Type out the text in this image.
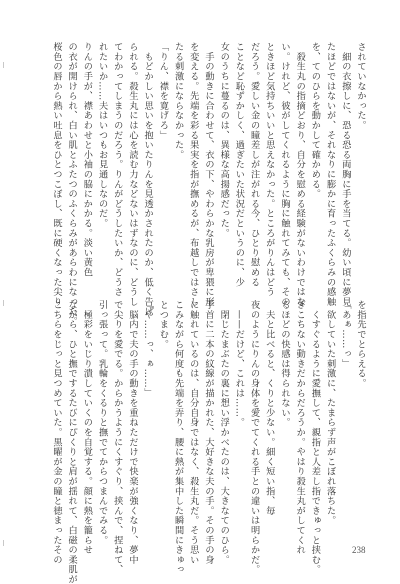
されていなかった。
　細の衣擦しに、恐る恐る両胸に手を当てる。幼い頃に夢見
たほどではないが、それなりに膨かに育ったふくらみの感触
を、てのひらを動かして確かめる。
　殺生丸の指摘どおり、自分を慰める経験がないわけではな
い。けれど、彼がしてくれるように胸に触れてみても、その
ときほど気持ちいいと思えなかった。ところがりんはどう
だろう。愛しい金の瞳差しが注がれる今、ひとり慰める
ことなど恥ずかしく、過ぎたいた状況だというのに、少
女のうちに蔓るのは、異様な高揚感だった。
　手の動きに合わせて、衣の下、やわらかな乳房が卑猥に形
を変える。先端を彩る果実を指が撫めるが、布越しではさし
たる刺激にならなかった。
「りん、襟を寛げろ」
　もどかしい思いを抱いたりんを見透かされたのか、低く告げ
られる。殺生丸には心を読む力などないはずなのに、どうし
てわかってしまうのだろう。りんがどうしたいか、どうさ
れたいか……夫はいつもお見通しなのだ。
りんの手が、襟あわせと小袖の脇にかかる。淡い黄色
の衣が開けられ、白い肌とふたつのふくらみがあらわになった。
桜色の唇から熱い吐息をひとつこぼし、既に硬くなった尖り
を指先でとらえる。
「あぁ……っ」
　欲していた刺激に、たまらず声がこぼれ落ちた。
　くすぐるように愛撫して、親指と人差し指できゅっと挟む。
ぎこちない動きだからだろうか。やはり殺生丸がしてくれ
るほどの快感は得られない。
　夫と比べると、くりと少ない。細く短い指、毎
夜のようにりんの身体を愛でてくれる手との違いは明らかだ。
　——だけど、これは……。
　閉じたまぶたの裏に想い浮かべたのは、大きなてのひら。
手首に二本の紋線が描かれた、大好きな夫の手。その手の身
に触れているのは、自分自身ではなく、殺生丸だ。そう思い
こみながら何度も先端を弄り、腰に熱が集中した瞬間にきゅっ
とつまむ。
「や……っ、ぁ……」
　脳内で夫の手の動きを重ねただけで快楽が強くなり、夢中
で尖りを愛でる。からかうようにくすぐり、挟んで、捏ねて、
引っ張って。乳輪をくるりと撫でてからつまんでみる。
　極彩をいじり潰していくのを自覚する。顔に熱を籠らせ
ながら、ひと撫でするたびにぴくりと肩が揺れて、白磁の柔肌が
こちらをじっと見つめていた。黒曜が金の瞳と徳まったその	238
